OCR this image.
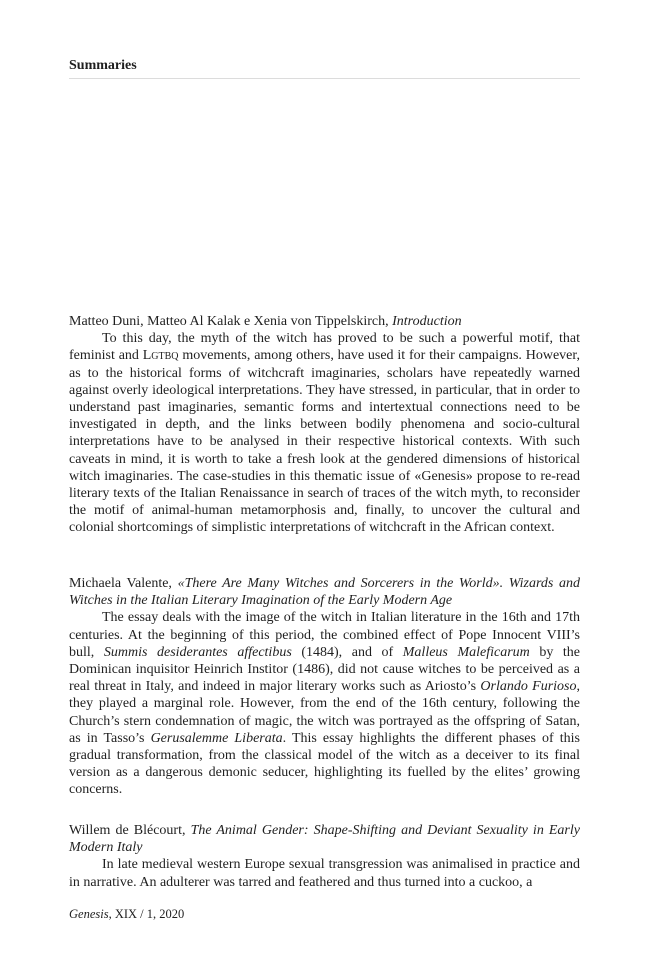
Summaries
Matteo Duni, Matteo Al Kalak e Xenia von Tippelskirch, Introduction

To this day, the myth of the witch has proved to be such a powerful motif, that feminist and Lgtbq movements, among others, have used it for their campaigns. However, as to the historical forms of witchcraft imaginaries, scholars have repeatedly warned against overly ideological interpretations. They have stressed, in particular, that in order to understand past imaginaries, semantic forms and intertextual connections need to be investigated in depth, and the links between bodily phenomena and socio-cultural interpretations have to be analysed in their respective historical contexts. With such caveats in mind, it is worth to take a fresh look at the gendered dimensions of historical witch imaginaries. The case-studies in this thematic issue of «Genesis» propose to re-read literary texts of the Italian Renaissance in search of traces of the witch myth, to reconsider the motif of animal-human metamorphosis and, finally, to uncover the cultural and colonial shortcomings of simplistic interpretations of witchcraft in the African context.

Michaela Valente, «There Are Many Witches and Sorcerers in the World». Wizards and Witches in the Italian Literary Imagination of the Early Modern Age

The essay deals with the image of the witch in Italian literature in the 16th and 17th centuries. At the beginning of this period, the combined effect of Pope Innocent VIII’s bull, Summis desiderantes affectibus (1484), and of Malleus Maleficarum by the Dominican inquisitor Heinrich Institor (1486), did not cause witches to be perceived as a real threat in Italy, and indeed in major literary works such as Ariosto’s Orlando Furioso, they played a marginal role. However, from the end of the 16th century, following the Church’s stern condemnation of magic, the witch was portrayed as the offspring of Satan, as in Tasso’s Gerusalemme Liberata. This essay highlights the different phases of this gradual transformation, from the classical model of the witch as a deceiver to its final version as a dangerous demonic seducer, highlighting its fuelled by the elites’ growing concerns.

Willem de Blécourt, The Animal Gender: Shape-Shifting and Deviant Sexuality in Early Modern Italy

In late medieval western Europe sexual transgression was animalised in practice and in narrative. An adulterer was tarred and feathered and thus turned into a cuckoo, a

Genesis, XIX / 1, 2020
